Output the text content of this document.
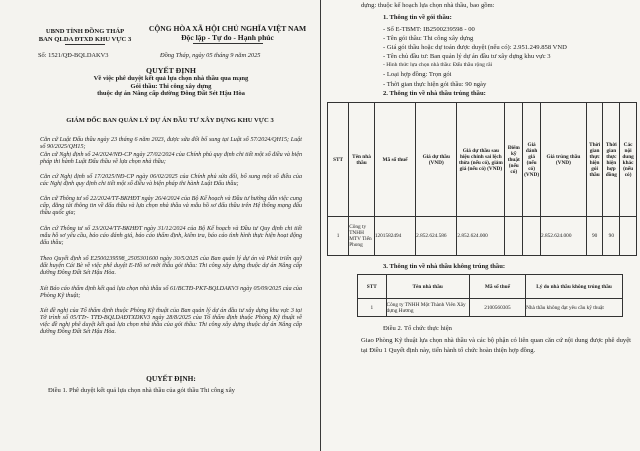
UBND TỈNH ĐỒNG THÁP
BAN QLDA ĐTXD KHU VỰC 3
CỘNG HÒA XÃ HỘI CHỦ NGHĨA VIỆT NAM
Độc lập - Tự do - Hạnh phúc
Số: 1521/QĐ-BQLDAKV3	Đồng Tháp, ngày 05 tháng 9 năm 2025
QUYẾT ĐỊNH
Về việc phê duyệt kết quả lựa chọn nhà thầu qua mạng
Gói thầu: Thi công xây dựng
thuộc dự án Nâng cấp đường Đông Đất Sét Hậu Hòa
GIÁM ĐỐC BAN QUẢN LÝ DỰ ÁN ĐẦU TƯ XÂY DỰNG KHU VỰC 3
Căn cứ Luật Đấu thầu ngày 23 tháng 6 năm 2023, được sửa đổi bổ sung tại Luật số 57/2024/QH15; Luật số 90/2025/QH15;
Căn cứ Nghị định số 24/2024/NĐ-CP ngày 27/02/2024 của Chính phủ quy định chi tiết một số điều và biện pháp thi hành Luật Đấu thầu về lựa chọn nhà thầu;
Căn cứ Nghị định số 17/2025/NĐ-CP ngày 06/02/2025 của Chính phủ sửa đổi, bổ sung một số điều của các Nghị định quy định chi tiết một số điều và biện pháp thi hành Luật Đấu thầu;
Căn cứ Thông tư số 22/2024/TT-BKHĐT ngày 26/4/2024 của Bộ Kế hoạch và Đầu tư hướng dẫn việc cung cấp, đăng tải thông tin về đấu thầu và lựa chọn nhà thầu và mẫu hồ sơ đấu thầu trên Hệ thống mạng đấu thầu quốc gia;
Căn cứ Thông tư số 23/2024/TT-BKHĐT ngày 31/12/2024 của Bộ Kế hoạch và Đầu tư Quy định chi tiết mẫu hồ sơ yêu cầu, báo cáo đánh giá, báo cáo thẩm định, kiểm tra, báo cáo tình hình thực hiện hoạt động đấu thầu;
Theo Quyết định số E2500239598_2505301600 ngày 30/5/2025 của Ban quản lý dự án và Phát triển quỹ đất huyện Cái Bè về việc phê duyệt E-Hồ sơ mời thầu gói thầu: Thi công xây dựng thuộc dự án Nâng cấp đường Đông Đất Sét Hậu Hòa.
Xét Báo cáo thẩm định kết quả lựa chọn nhà thầu số 61/BCTĐ-PKT-BQLDAKV3 ngày 05/09/2025 của của Phòng Kỹ thuật;
Xét đề nghị của Tổ thẩm định thuộc Phòng Kỹ thuật của Ban quản lý dự án đầu tư xây dựng khu vực 3 tại Tờ trình số 05/TTr- TTĐ-BQLDAĐTXDKV3 ngày 28/8/2025 của Tổ thẩm định thuộc Phòng Kỹ thuật về việc đề nghị phê duyệt kết quả lựa chọn nhà thầu của gói thầu: Thi công xây dựng thuộc dự án Nâng cấp đường Đông Đất Sét Hậu Hòa.
QUYẾT ĐỊNH:
Điều 1. Phê duyệt kết quả lựa chọn nhà thầu của gói thầu Thi công xây
dựng: thuộc kế hoạch lựa chọn nhà thầu, bao gồm:
1. Thông tin về gói thầu:
- Số E-TBMT: IB2500239598 - 00
- Tên gói thầu: Thi công xây dựng
- Giá gói thầu hoặc dự toán được duyệt (nếu có): 2.951.249.858 VND
- Tên chủ đầu tư: Ban quản lý dự án đầu tư xây dựng khu vực 3
- Hình thức lựa chọn nhà thầu: Đấu thầu rộng rãi
- Loại hợp đồng: Trọn gói
- Thời gian thực hiện gói thầu: 90 ngày
2. Thông tin về nhà thầu trúng thầu:
STT	Tên nhà thầu	Mã số thuế	Giá dự thầu (VND)	Giá dự thầu sau hiệu chỉnh sai lệch thừa (nếu có), giảm giá (nếu có) (VND)	Điểm kỹ thuật (nếu có)	Giá đánh giá (nếu có) (VND)	Giá trúng thầu (VND)	Thời gian thực hiện gói thầu	Thời gian thực hiện hợp đồng	Các nội dung khác (nếu có)
1	Công ty TNHH MTV Tiến Phong	1201582494	2.852.624.586	2.852.624.000			2.852.624.000	90	90	
3. Thông tin về nhà thầu không trúng thầu:
STT	Tên nhà thầu	Mã số thuế	Lý do nhà thầu không trúng thầu
1	Công ty TNHH Một Thành Viên Xây dựng Hương	2100560305	Nhà thầu không đạt yêu cầu kỹ thuật
Điều 2. Tổ chức thực hiện
Giao Phòng Kỹ thuật lựa chọn nhà thầu và các bộ phận có liên quan căn cứ nội dung được phê duyệt tại Điều 1 Quyết định này, tiến hành tổ chức hoàn thiện hợp đồng.
